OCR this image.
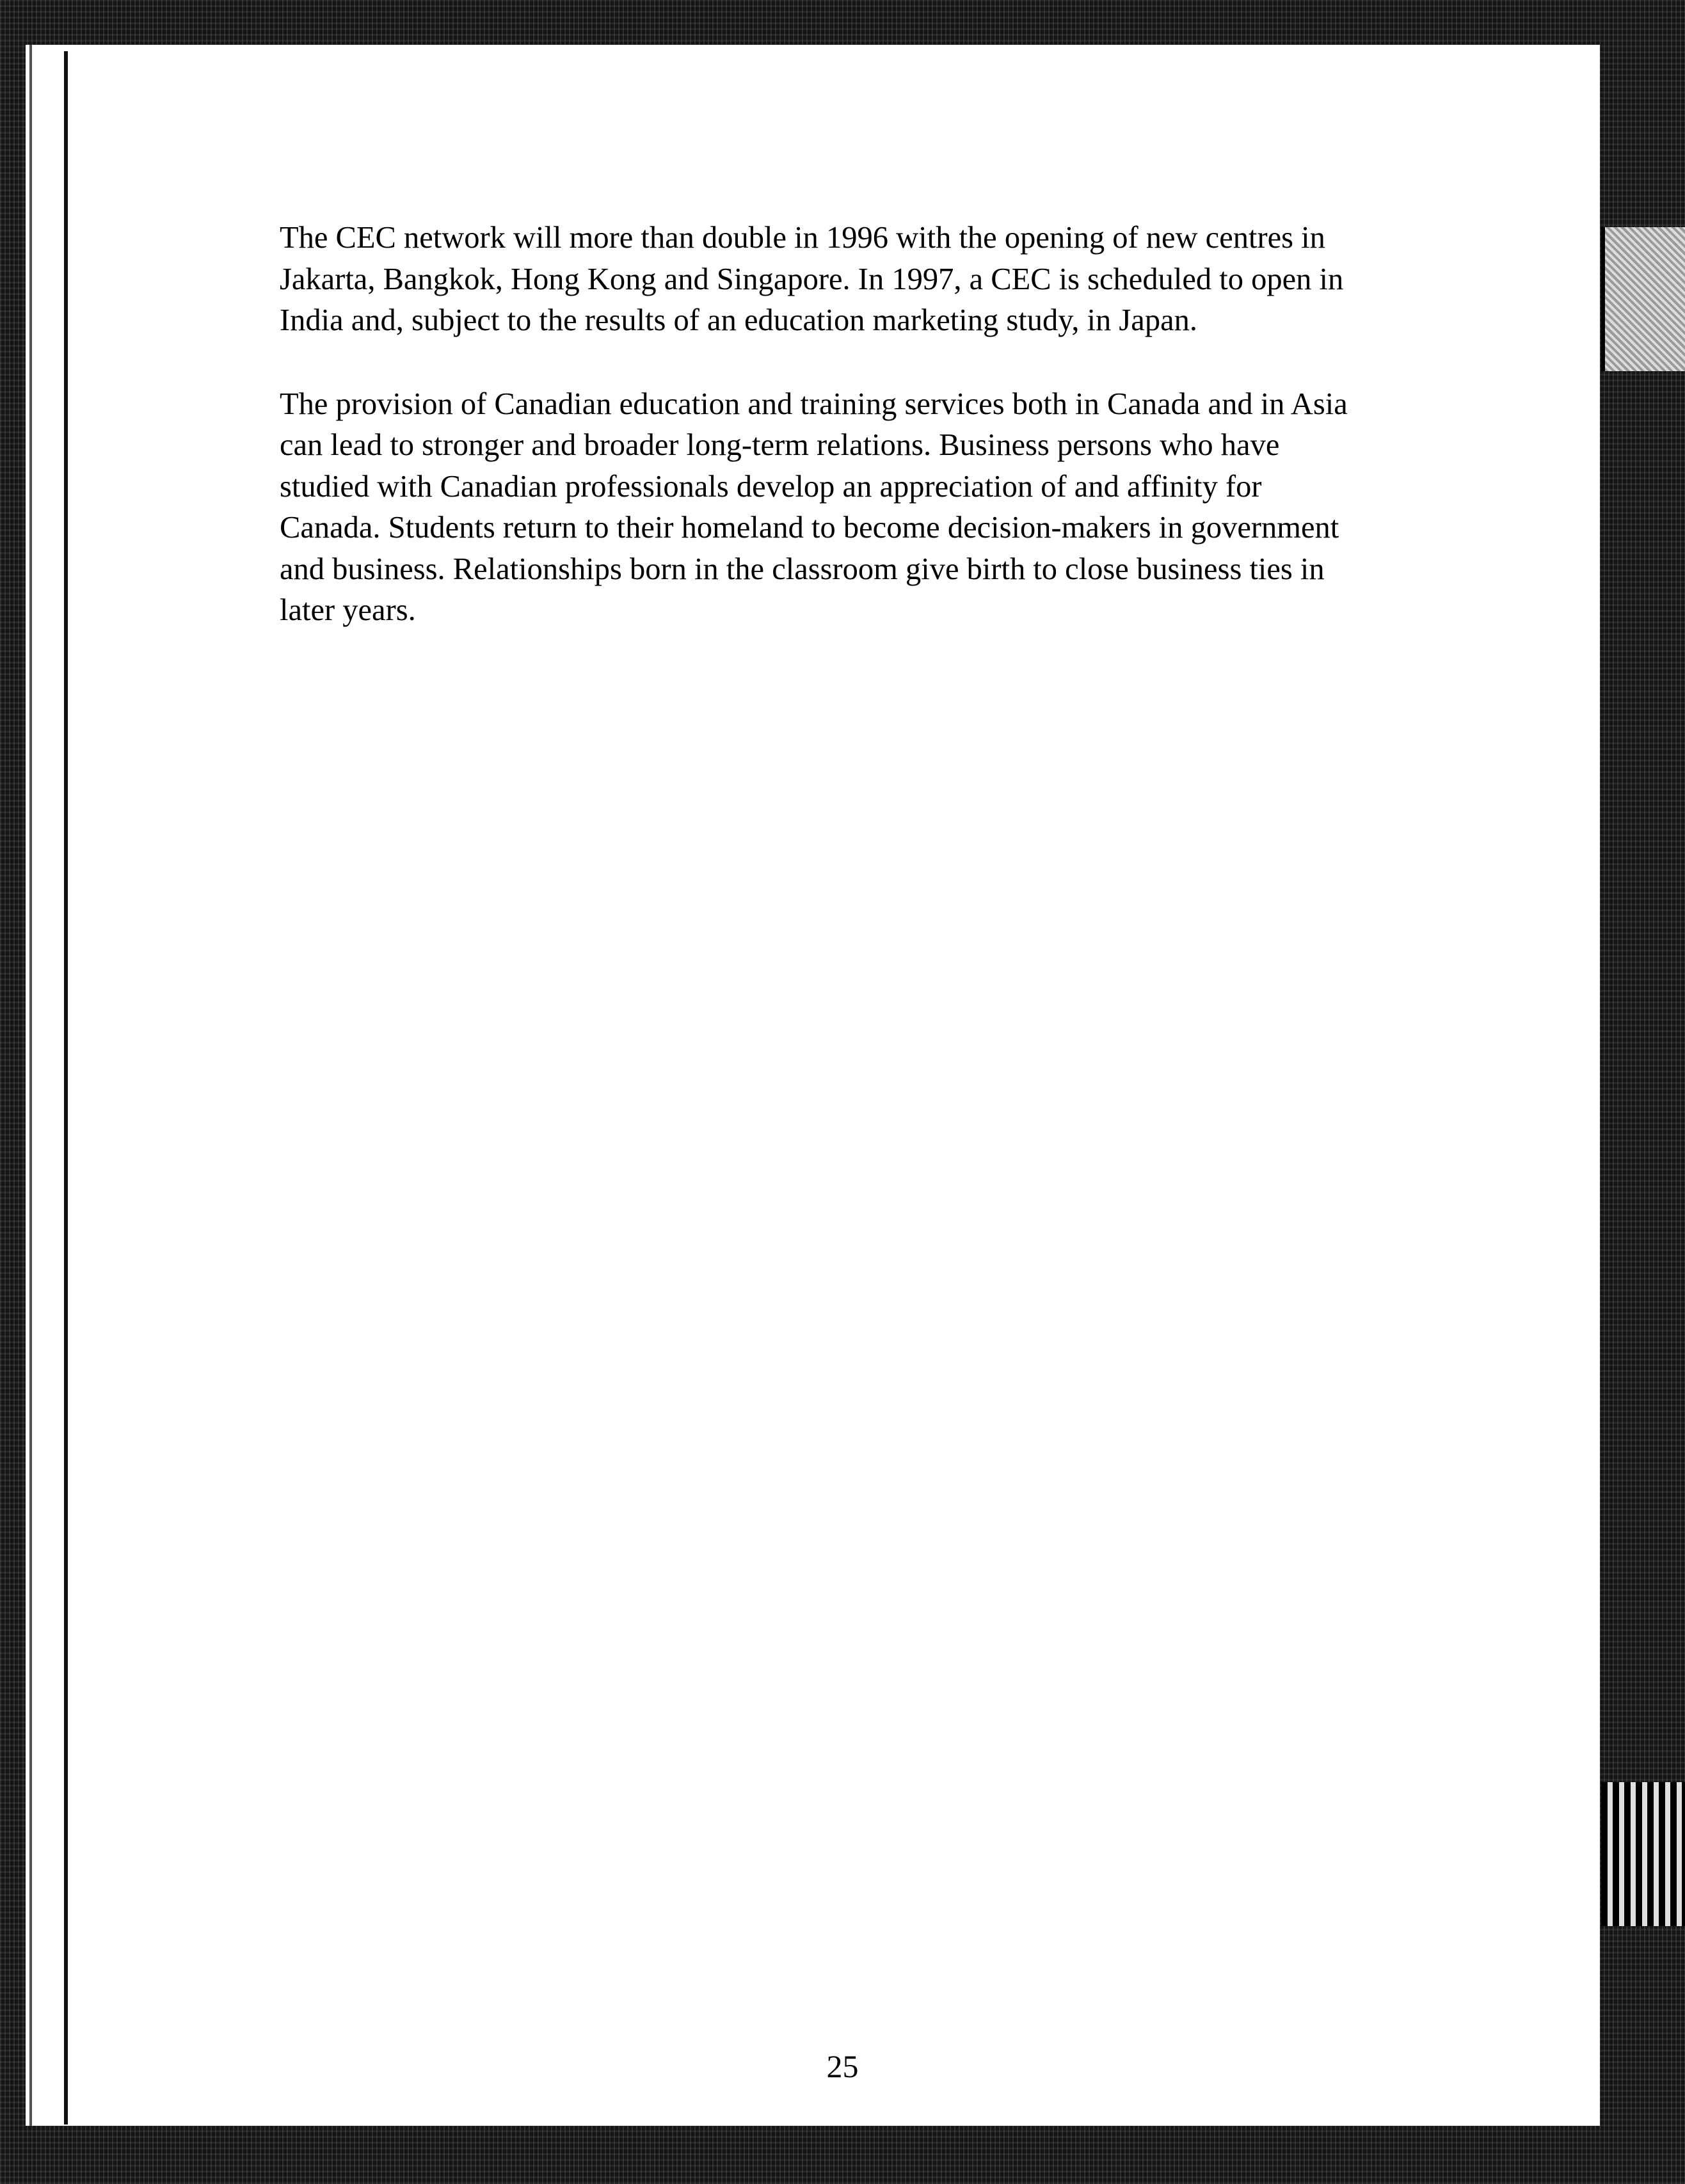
The CEC network will more than double in 1996 with the opening of new centres in Jakarta, Bangkok, Hong Kong and Singapore. In 1997, a CEC is scheduled to open in India and, subject to the results of an education marketing study, in Japan.

The provision of Canadian education and training services both in Canada and in Asia can lead to stronger and broader long-term relations. Business persons who have studied with Canadian professionals develop an appreciation of and affinity for Canada. Students return to their homeland to become decision-makers in government and business. Relationships born in the classroom give birth to close business ties in later years.

25
